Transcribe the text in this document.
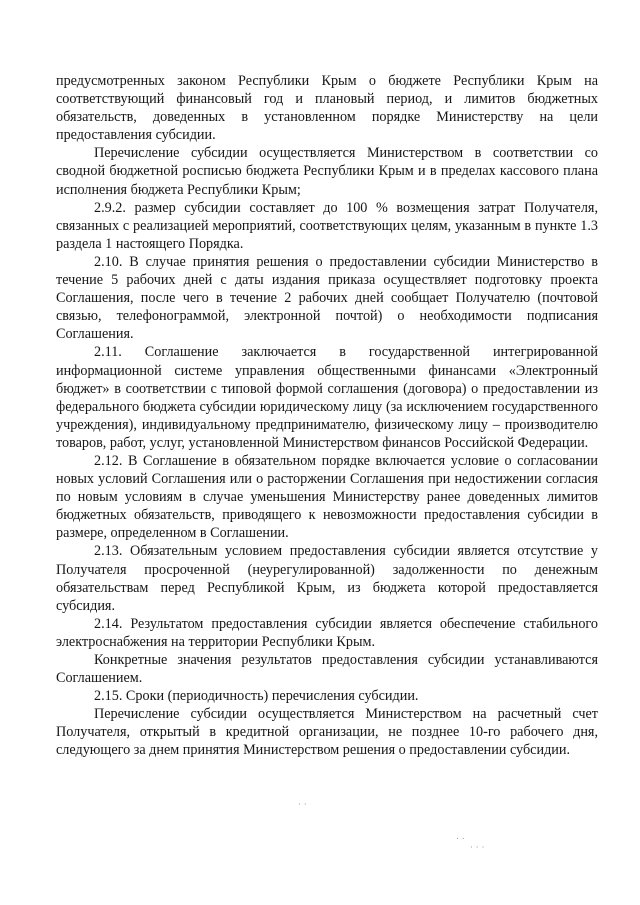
предусмотренных законом Республики Крым о бюджете Республики Крым на соответствующий финансовый год и плановый период, и лимитов бюджетных обязательств, доведенных в установленном порядке Министерству на цели предоставления субсидии.

Перечисление субсидии осуществляется Министерством в соответствии со сводной бюджетной росписью бюджета Республики Крым и в пределах кассового плана исполнения бюджета Республики Крым;

2.9.2. размер субсидии составляет до 100 % возмещения затрат Получателя, связанных с реализацией мероприятий, соответствующих целям, указанным в пункте 1.3 раздела 1 настоящего Порядка.

2.10. В случае принятия решения о предоставлении субсидии Министерство в течение 5 рабочих дней с даты издания приказа осуществляет подготовку проекта Соглашения, после чего в течение 2 рабочих дней сообщает Получателю (почтовой связью, телефонограммой, электронной почтой) о необходимости подписания Соглашения.

2.11. Соглашение заключается в государственной интегрированной информационной системе управления общественными финансами «Электронный бюджет» в соответствии с типовой формой соглашения (договора) о предоставлении из федерального бюджета субсидии юридическому лицу (за исключением государственного учреждения), индивидуальному предпринимателю, физическому лицу – производителю товаров, работ, услуг, установленной Министерством финансов Российской Федерации.

2.12. В Соглашение в обязательном порядке включается условие о согласовании новых условий Соглашения или о расторжении Соглашения при недостижении согласия по новым условиям в случае уменьшения Министерству ранее доведенных лимитов бюджетных обязательств, приводящего к невозможности предоставления субсидии в размере, определенном в Соглашении.

2.13. Обязательным условием предоставления субсидии является отсутствие у Получателя просроченной (неурегулированной) задолженности по денежным обязательствам перед Республикой Крым, из бюджета которой предоставляется субсидия.

2.14. Результатом предоставления субсидии является обеспечение стабильного электроснабжения на территории Республики Крым.

Конкретные значения результатов предоставления субсидии устанавливаются Соглашением.

2.15. Сроки (периодичность) перечисления субсидии.

Перечисление субсидии осуществляется Министерством на расчетный счет Получателя, открытый в кредитной организации, не позднее 10-го рабочего дня, следующего за днем принятия Министерством решения о предоставлении субсидии.

· ·
. .
· · ·
